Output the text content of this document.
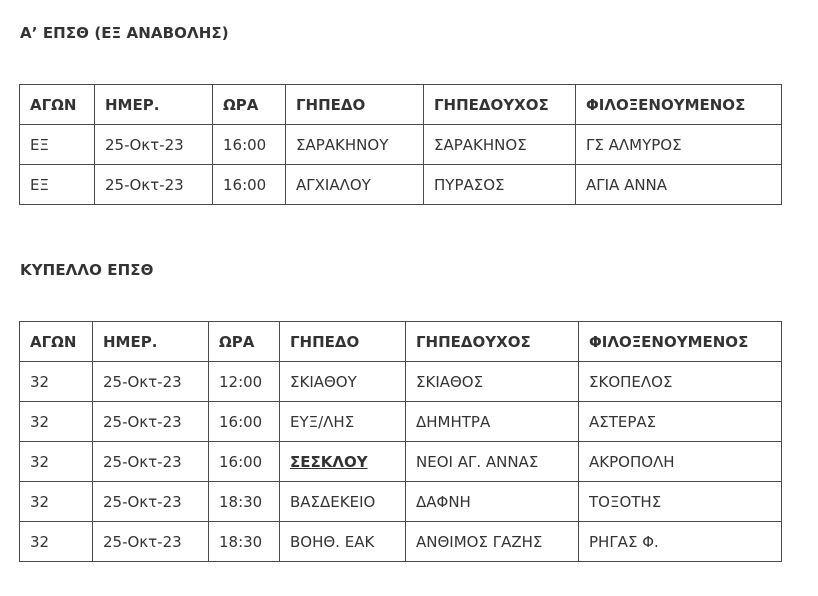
Α’ ΕΠΣΘ (ΕΞ ΑΝΑΒΟΛΗΣ)
ΑΓΩΝ	ΗΜΕΡ.	ΩΡΑ	ΓΗΠΕΔΟ	ΓΗΠΕΔΟΥΧΟΣ	ΦΙΛΟΞΕΝΟΥΜΕΝΟΣ
ΕΞ	25-Οκτ-23	16:00	ΣΑΡΑΚΗΝΟΥ	ΣΑΡΑΚΗΝΟΣ	ΓΣ ΑΛΜΥΡΟΣ
ΕΞ	25-Οκτ-23	16:00	ΑΓΧΙΑΛΟΥ	ΠΥΡΑΣΟΣ	ΑΓΙΑ ΑΝΝΑ
ΚΥΠΕΛΛΟ ΕΠΣΘ
ΑΓΩΝ	ΗΜΕΡ.	ΩΡΑ	ΓΗΠΕΔΟ	ΓΗΠΕΔΟΥΧΟΣ	ΦΙΛΟΞΕΝΟΥΜΕΝΟΣ
32	25-Οκτ-23	12:00	ΣΚΙΑΘΟΥ	ΣΚΙΑΘΟΣ	ΣΚΟΠΕΛΟΣ
32	25-Οκτ-23	16:00	ΕΥΞ/ΛΗΣ	ΔΗΜΗΤΡΑ	ΑΣΤΕΡΑΣ
32	25-Οκτ-23	16:00	ΣΕΣΚΛΟΥ	ΝΕΟΙ ΑΓ. ΑΝΝΑΣ	ΑΚΡΟΠΟΛΗ
32	25-Οκτ-23	18:30	ΒΑΣΔΕΚΕΙΟ	ΔΑΦΝΗ	ΤΟΞΟΤΗΣ
32	25-Οκτ-23	18:30	ΒΟΗΘ. ΕΑΚ	ΑΝΘΙΜΟΣ ΓΑΖΗΣ	ΡΗΓΑΣ Φ.
